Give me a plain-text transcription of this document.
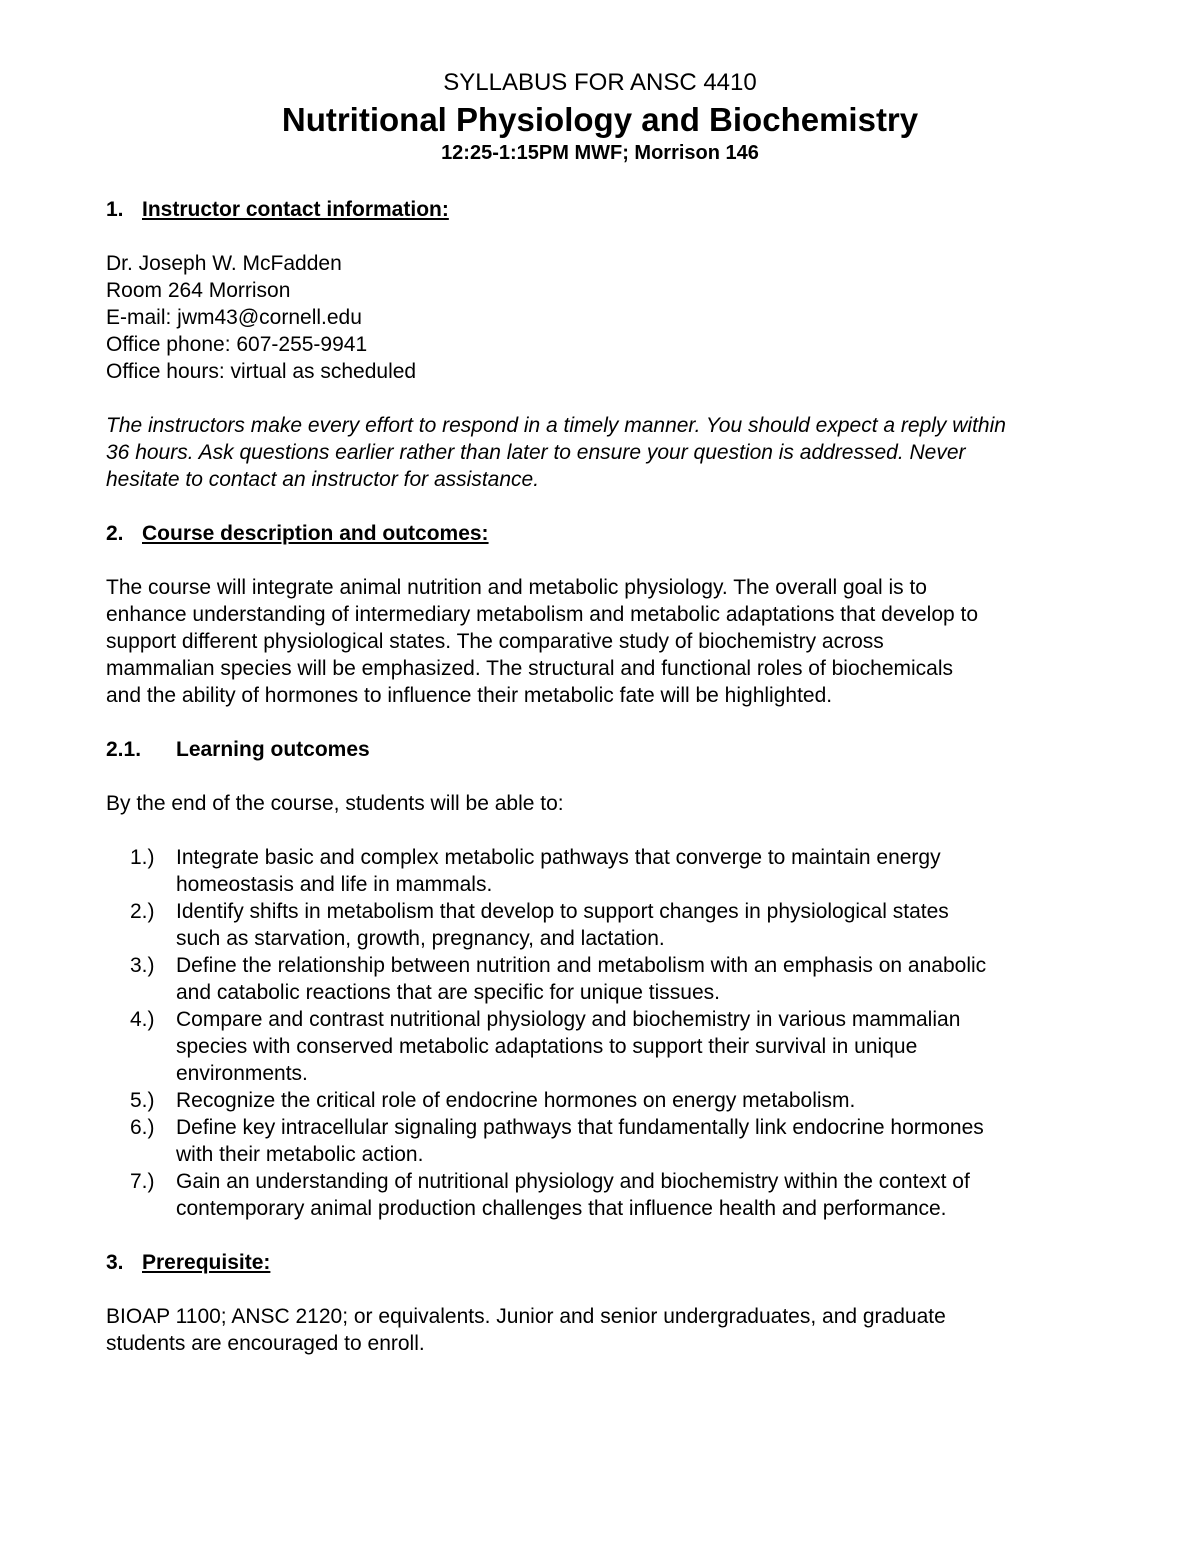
SYLLABUS FOR ANSC 4410
Nutritional Physiology and Biochemistry
12:25-1:15PM MWF; Morrison 146
1. Instructor contact information:
Dr. Joseph W. McFadden
Room 264 Morrison
E-mail: jwm43@cornell.edu
Office phone: 607-255-9941
Office hours: virtual as scheduled
The instructors make every effort to respond in a timely manner. You should expect a reply within
36 hours. Ask questions earlier rather than later to ensure your question is addressed. Never
hesitate to contact an instructor for assistance.
2. Course description and outcomes:
The course will integrate animal nutrition and metabolic physiology. The overall goal is to
enhance understanding of intermediary metabolism and metabolic adaptations that develop to
support different physiological states. The comparative study of biochemistry across
mammalian species will be emphasized. The structural and functional roles of biochemicals
and the ability of hormones to influence their metabolic fate will be highlighted.
2.1.	Learning outcomes
By the end of the course, students will be able to:
1.)	Integrate basic and complex metabolic pathways that converge to maintain energy
homeostasis and life in mammals.
2.)	Identify shifts in metabolism that develop to support changes in physiological states
such as starvation, growth, pregnancy, and lactation.
3.)	Define the relationship between nutrition and metabolism with an emphasis on anabolic
and catabolic reactions that are specific for unique tissues.
4.)	Compare and contrast nutritional physiology and biochemistry in various mammalian
species with conserved metabolic adaptations to support their survival in unique
environments.
5.)	Recognize the critical role of endocrine hormones on energy metabolism.
6.)	Define key intracellular signaling pathways that fundamentally link endocrine hormones
with their metabolic action.
7.)	Gain an understanding of nutritional physiology and biochemistry within the context of
contemporary animal production challenges that influence health and performance.
3. Prerequisite:
BIOAP 1100; ANSC 2120; or equivalents. Junior and senior undergraduates, and graduate
students are encouraged to enroll.
